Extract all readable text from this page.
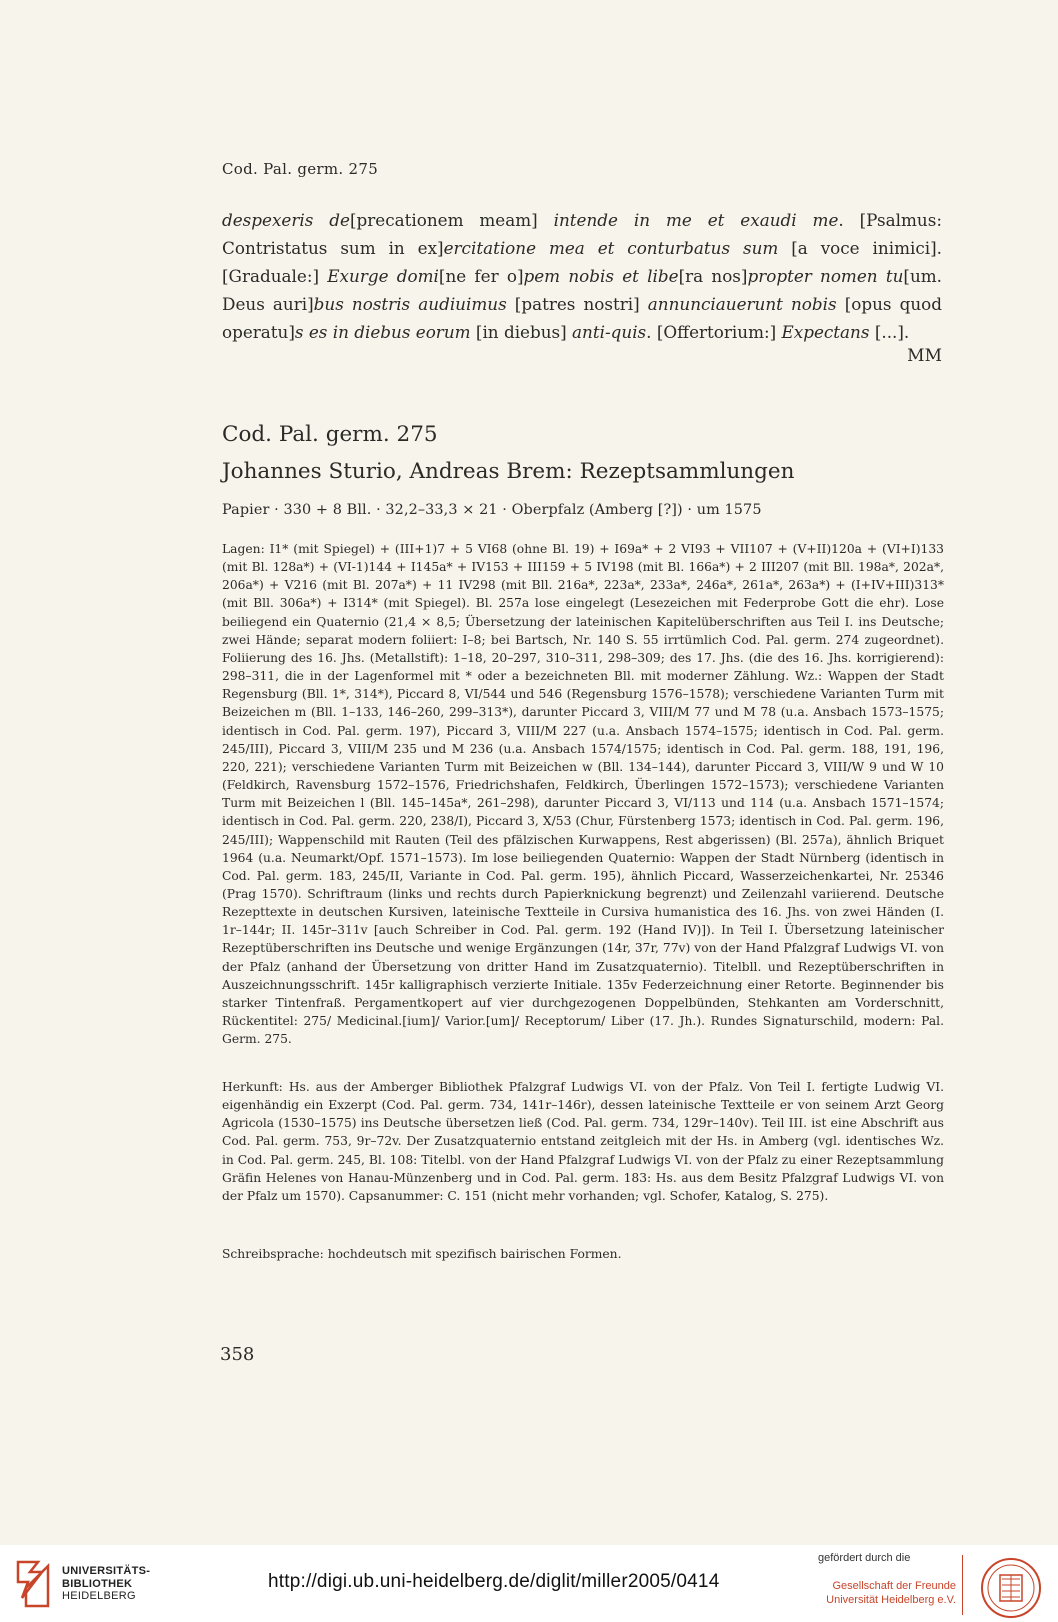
Cod. Pal. germ. 275
despexeris de[precationem meam] intende in me et exaudi me. [Psalmus: Contristatus sum in ex]ercitatione mea et conturbatus sum [a voce inimici]. [Graduale:] Exurge domi[ne fer o]pem nobis et libe[ra nos]propter nomen tu[um. Deus auri]bus nostris audiuimus [patres nostri] annunciauerunt nobis [opus quod operatu]s es in diebus eorum [in diebus] anti-quis. [Offertorium:] Expectans [...].
MM
Cod. Pal. germ. 275
Johannes Sturio, Andreas Brem: Rezeptsammlungen
Papier · 330 + 8 Bll. · 32,2–33,3 × 21 · Oberpfalz (Amberg [?]) · um 1575

Lagen: I1* (mit Spiegel) + (III+1)7 + 5 VI68 (ohne Bl. 19) + I69a* + 2 VI93 + VII107 + (V+II)120a + (VI+I)133 (mit Bl. 128a*) + (VI-1)144 + I145a* + IV153 + III159 + 5 IV198 (mit Bl. 166a*) + 2 III207 (mit Bll. 198a*, 202a*, 206a*) + V216 (mit Bl. 207a*) + 11 IV298 (mit Bll. 216a*, 223a*, 233a*, 246a*, 261a*, 263a*) + (I+IV+III)313* (mit Bll. 306a*) + I314* (mit Spiegel). Bl. 257a lose eingelegt (Lesezeichen mit Federprobe Gott die ehr). Lose beiliegend ein Quaternio (21,4 × 8,5; Übersetzung der lateinischen Kapitelüberschriften aus Teil I. ins Deutsche; zwei Hände; separat modern foliiert: I–8; bei Bartsch, Nr. 140 S. 55 irrtümlich Cod. Pal. germ. 274 zugeordnet). Foliierung des 16. Jhs. (Metallstift): 1–18, 20–297, 310–311, 298–309; des 17. Jhs. (die des 16. Jhs. korrigierend): 298–311, die in der Lagenformel mit * oder a bezeichneten Bll. mit moderner Zählung. Wz.: Wappen der Stadt Regensburg (Bll. 1*, 314*), Piccard 8, VI/544 und 546 (Regensburg 1576–1578); verschiedene Varianten Turm mit Beizeichen m (Bll. 1–133, 146–260, 299–313*), darunter Piccard 3, VIII/M 77 und M 78 (u.a. Ansbach 1573–1575; identisch in Cod. Pal. germ. 197), Piccard 3, VIII/M 227 (u.a. Ansbach 1574–1575; identisch in Cod. Pal. germ. 245/III), Piccard 3, VIII/M 235 und M 236 (u.a. Ansbach 1574/1575; identisch in Cod. Pal. germ. 188, 191, 196, 220, 221); verschiedene Varianten Turm mit Beizeichen w (Bll. 134–144), darunter Piccard 3, VIII/W 9 und W 10 (Feldkirch, Ravensburg 1572–1576, Friedrichshafen, Feldkirch, Überlingen 1572–1573); verschiedene Varianten Turm mit Beizeichen l (Bll. 145–145a*, 261–298), darunter Piccard 3, VI/113 und 114 (u.a. Ansbach 1571–1574; identisch in Cod. Pal. germ. 220, 238/I), Piccard 3, X/53 (Chur, Fürstenberg 1573; identisch in Cod. Pal. germ. 196, 245/III); Wappenschild mit Rauten (Teil des pfälzischen Kurwappens, Rest abgerissen) (Bl. 257a), ähnlich Briquet 1964 (u.a. Neumarkt/Opf. 1571–1573). Im lose beiliegenden Quaternio: Wappen der Stadt Nürnberg (identisch in Cod. Pal. germ. 183, 245/II, Variante in Cod. Pal. germ. 195), ähnlich Piccard, Wasserzeichenkartei, Nr. 25346 (Prag 1570). Schriftraum (links und rechts durch Papierknickung begrenzt) und Zeilenzahl variierend. Deutsche Rezepttexte in deutschen Kursiven, lateinische Textteile in Cursiva humanistica des 16. Jhs. von zwei Händen (I. 1r–144r; II. 145r–311v [auch Schreiber in Cod. Pal. germ. 192 (Hand IV)]). In Teil I. Übersetzung lateinischer Rezeptüberschriften ins Deutsche und wenige Ergänzungen (14r, 37r, 77v) von der Hand Pfalzgraf Ludwigs VI. von der Pfalz (anhand der Übersetzung von dritter Hand im Zusatzquaternio). Titelbll. und Rezeptüberschriften in Auszeichnungsschrift. 145r kalligraphisch verzierte Initiale. 135v Federzeichnung einer Retorte. Beginnender bis starker Tintenfraß. Pergamentkopert auf vier durchgezogenen Doppelbünden, Stehkanten am Vorderschnitt, Rückentitel: 275/ Medicinal.[ium]/ Varior.[um]/ Receptorum/ Liber (17. Jh.). Rundes Signaturschild, modern: Pal. Germ. 275.

Herkunft: Hs. aus der Amberger Bibliothek Pfalzgraf Ludwigs VI. von der Pfalz. Von Teil I. fertigte Ludwig VI. eigenhändig ein Exzerpt (Cod. Pal. germ. 734, 141r–146r), dessen lateinische Textteile er von seinem Arzt Georg Agricola (1530–1575) ins Deutsche übersetzen ließ (Cod. Pal. germ. 734, 129r–140v). Teil III. ist eine Abschrift aus Cod. Pal. germ. 753, 9r–72v. Der Zusatzquaternio entstand zeitgleich mit der Hs. in Amberg (vgl. identisches Wz. in Cod. Pal. germ. 245, Bl. 108: Titelbl. von der Hand Pfalzgraf Ludwigs VI. von der Pfalz zu einer Rezeptsammlung Gräfin Helenes von Hanau-Münzenberg und in Cod. Pal. germ. 183: Hs. aus dem Besitz Pfalzgraf Ludwigs VI. von der Pfalz um 1570). Capsanummer: C. 151 (nicht mehr vorhanden; vgl. Schofer, Katalog, S. 275).

Schreibsprache: hochdeutsch mit spezifisch bairischen Formen.

358
UNIVERSITÄTS-
BIBLIOTHEK
HEIDELBERG
http://digi.ub.uni-heidelberg.de/diglit/miller2005/0414
gefördert durch die
Gesellschaft der Freunde
Universität Heidelberg e.V.
